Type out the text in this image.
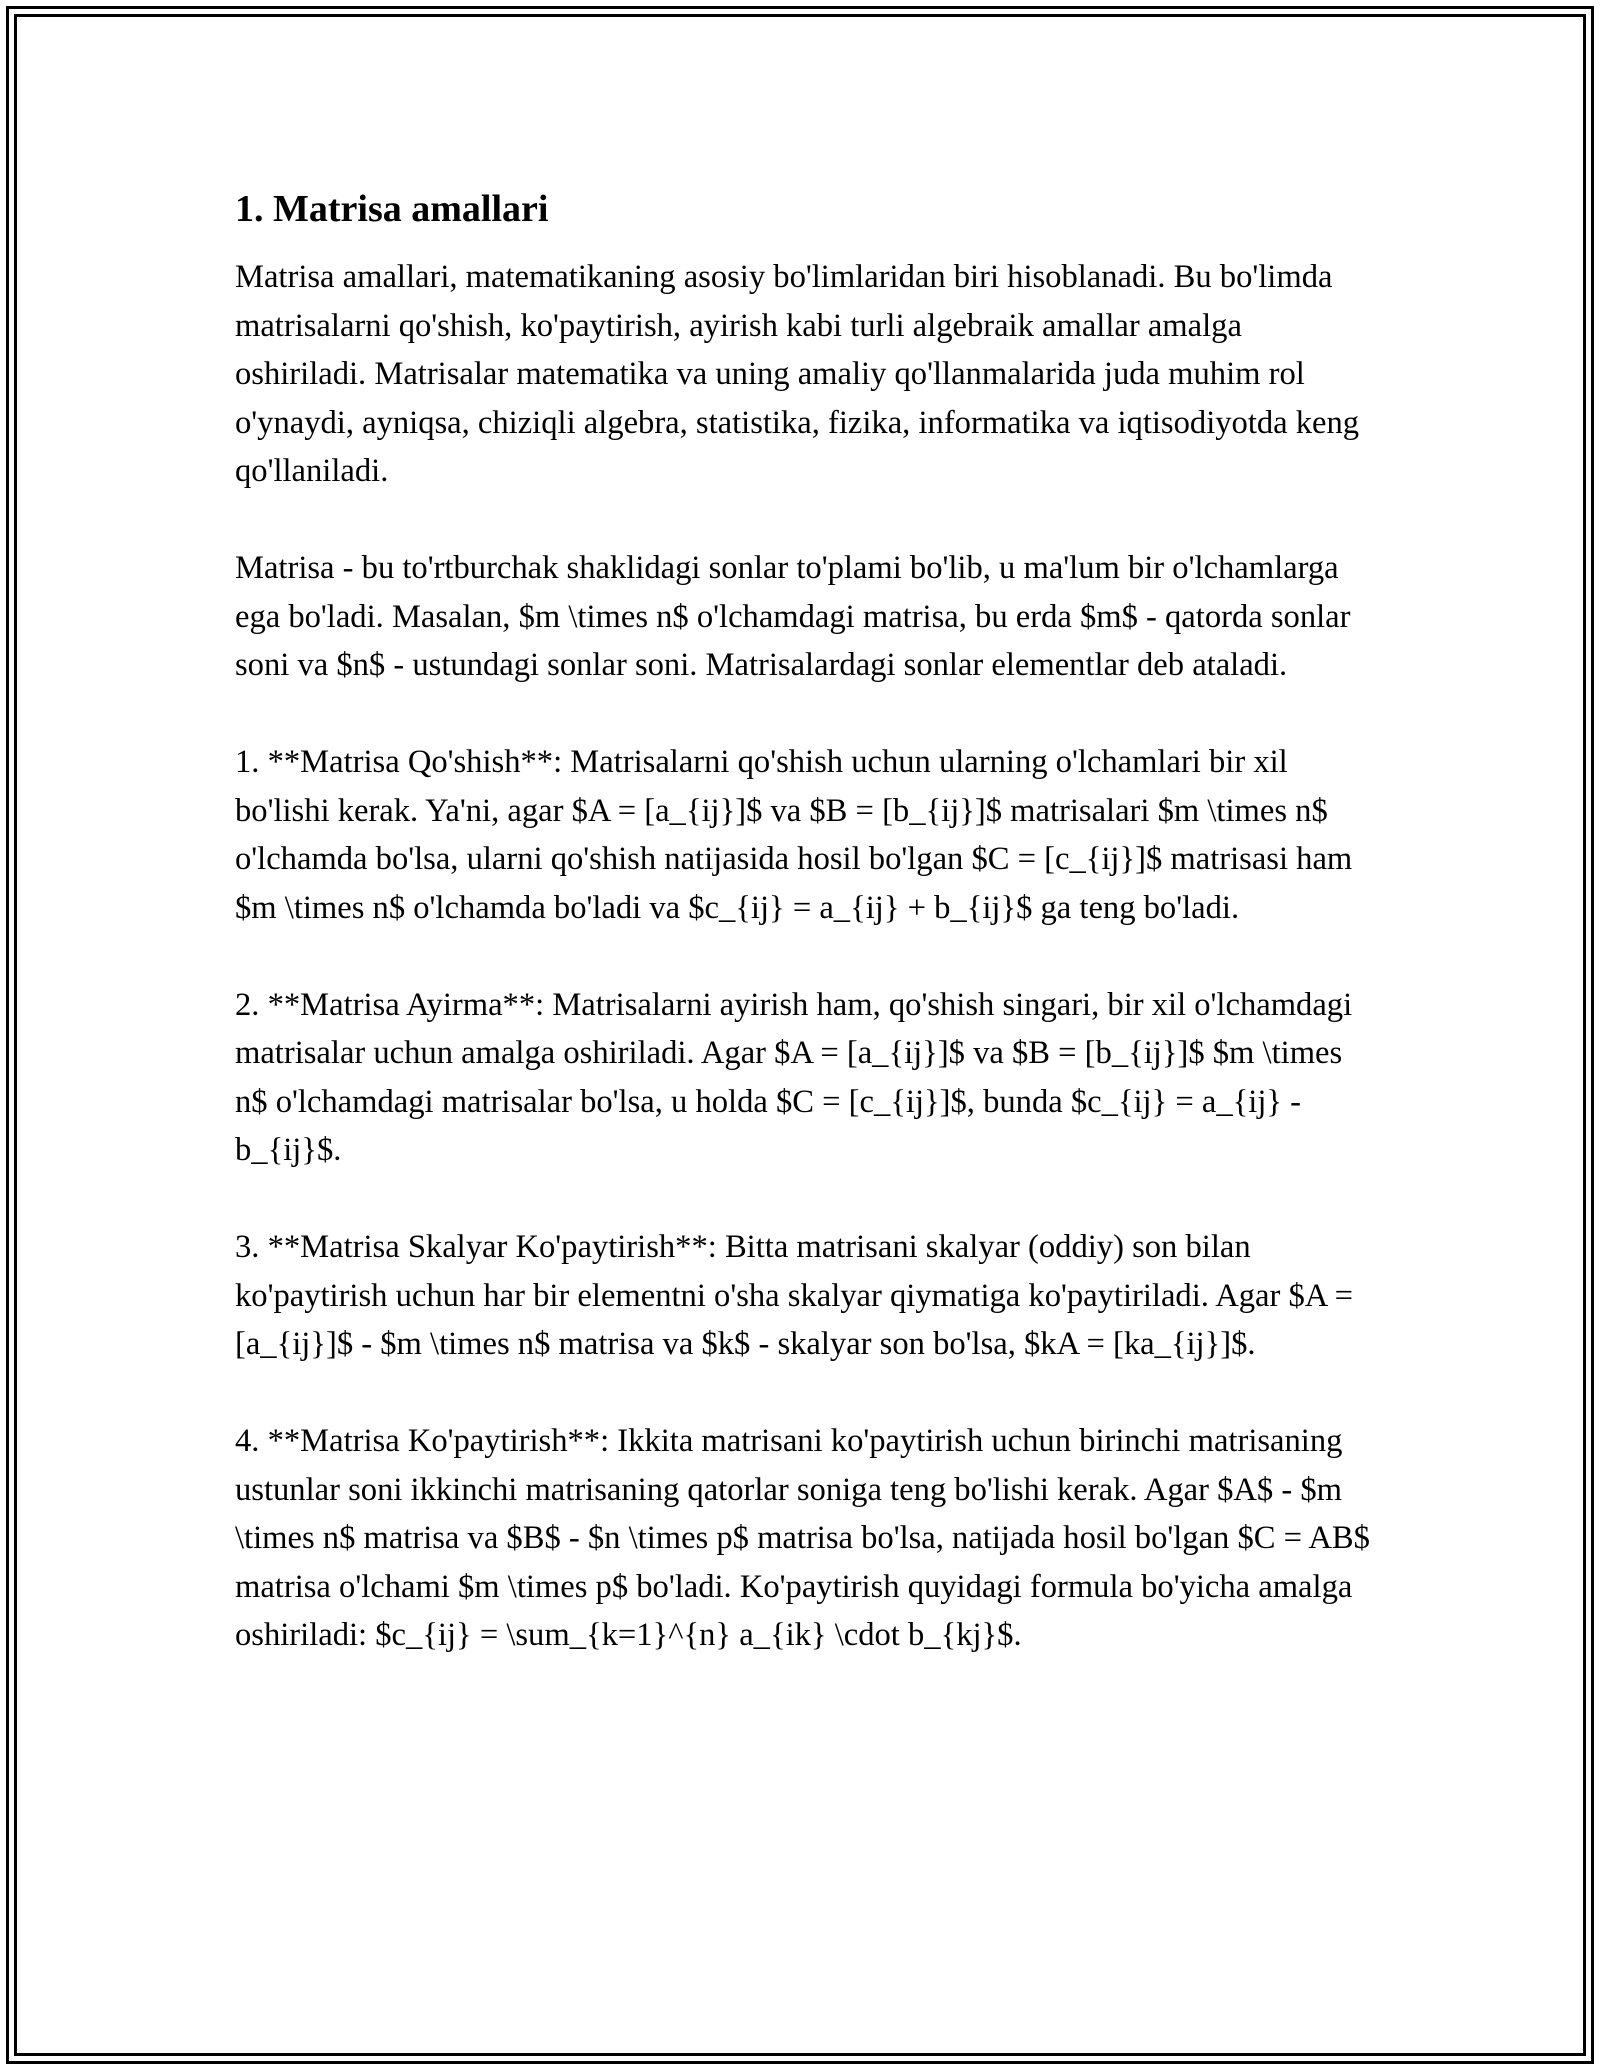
1. Matrisa amallari

Matrisa amallari, matematikaning asosiy bo'limlaridan biri hisoblanadi. Bu bo'limda matrisalarni qo'shish, ko'paytirish, ayirish kabi turli algebraik amallar amalga oshiriladi. Matrisalar matematika va uning amaliy qo'llanmalarida juda muhim rol o'ynaydi, ayniqsa, chiziqli algebra, statistika, fizika, informatika va iqtisodiyotda keng qo'llaniladi.

Matrisa - bu to'rtburchak shaklidagi sonlar to'plami bo'lib, u ma'lum bir o'lchamlarga ega bo'ladi. Masalan, $m \times n$ o'lchamdagi matrisa, bu erda $m$ - qatorda sonlar soni va $n$ - ustundagi sonlar soni. Matrisalardagi sonlar elementlar deb ataladi.

1. **Matrisa Qo'shish**: Matrisalarni qo'shish uchun ularning o'lchamlari bir xil bo'lishi kerak. Ya'ni, agar $A = [a_{ij}]$ va $B = [b_{ij}]$ matrisalari $m \times n$ o'lchamda bo'lsa, ularni qo'shish natijasida hosil bo'lgan $C = [c_{ij}]$ matrisasi ham $m \times n$ o'lchamda bo'ladi va $c_{ij} = a_{ij} + b_{ij}$ ga teng bo'ladi.

2. **Matrisa Ayirma**: Matrisalarni ayirish ham, qo'shish singari, bir xil o'lchamdagi matrisalar uchun amalga oshiriladi. Agar $A = [a_{ij}]$ va $B = [b_{ij}]$ $m \times n$ o'lchamdagi matrisalar bo'lsa, u holda $C = [c_{ij}]$, bunda $c_{ij} = a_{ij} - b_{ij}$.

3. **Matrisa Skalyar Ko'paytirish**: Bitta matrisani skalyar (oddiy) son bilan ko'paytirish uchun har bir elementni o'sha skalyar qiymatiga ko'paytiriladi. Agar $A = [a_{ij}]$ - $m \times n$ matrisa va $k$ - skalyar son bo'lsa, $kA = [ka_{ij}]$.

4. **Matrisa Ko'paytirish**: Ikkita matrisani ko'paytirish uchun birinchi matrisaning ustunlar soni ikkinchi matrisaning qatorlar soniga teng bo'lishi kerak. Agar $A$ - $m \times n$ matrisa va $B$ - $n \times p$ matrisa bo'lsa, natijada hosil bo'lgan $C = AB$ matrisa o'lchami $m \times p$ bo'ladi. Ko'paytirish quyidagi formula bo'yicha amalga oshiriladi: $c_{ij} = \sum_{k=1}^{n} a_{ik} \cdot b_{kj}$.
